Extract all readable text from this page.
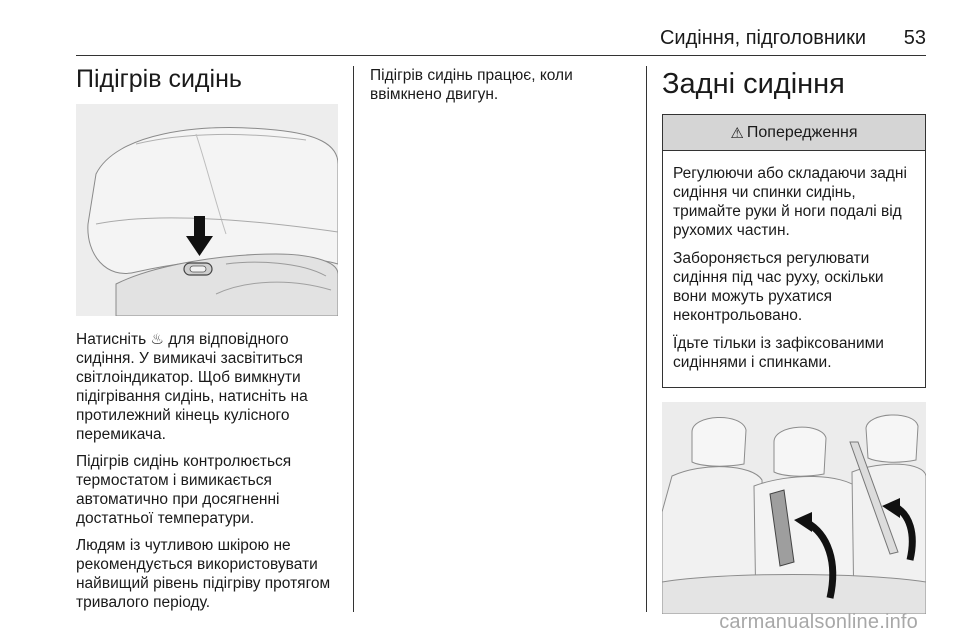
Сидіння, підголовники 53
Підігрів сидінь

Натисніть ♨ для відповідного сидіння. У вимикачі засвітиться світлоіндикатор. Щоб вимкнути підігрівання сидінь, натисніть на протилежний кінець кулісного перемикача.

Підігрів сидінь контролюється термостатом і вимикається автоматично при досягненні достатньої температури.

Людям із чутливою шкірою не рекомендується використовувати найвищий рівень підігріву протягом тривалого періоду.

Підігрів сидінь працює, коли ввімкнено двигун.	Задні сидіння
⚠ Попередження

Регулюючи або складаючи задні сидіння чи спинки сидінь, тримайте руки й ноги подалі від рухомих частин.

Забороняється регулювати сидіння під час руху, оскільки вони можуть рухатися неконтрольовано.

Їдьте тільки із зафіксованими сидіннями і спинками.

carmanualsonline.info
